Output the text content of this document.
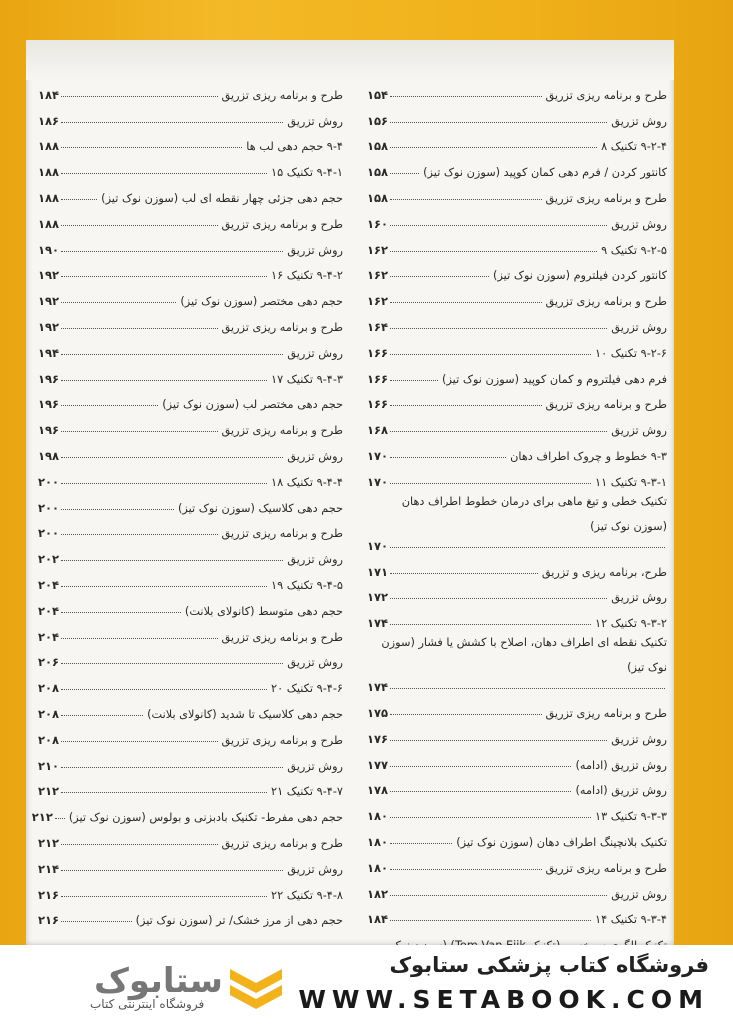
طرح و برنامه ریزی تزریق
۱۵۴
روش تزریق
۱۵۶
۹-۲-۴ تکنیک ۸
۱۵۸
کانتور کردن / فرم دهی کمان کوپید (سوزن نوک تیز)
۱۵۸
طرح و برنامه ریزی تزریق
۱۵۸
روش تزریق
۱۶۰
۹-۲-۵ تکنیک ۹
۱۶۲
کانتور کردن فیلتروم (سوزن نوک تیز)
۱۶۲
طرح و برنامه ریزی تزریق
۱۶۲
روش تزریق
۱۶۴
۹-۲-۶ تکنیک ۱۰
۱۶۶
فرم دهی فیلتروم و کمان کوپید (سوزن نوک تیز)
۱۶۶
طرح و برنامه ریزی تزریق
۱۶۶
روش تزریق
۱۶۸
۹-۳ خطوط و چروک اطراف دهان
۱۷۰
۹-۳-۱ تکنیک ۱۱
۱۷۰
تکنیک خطی و تیغ ماهی برای درمان خطوط اطراف دهان (سوزن نوک تیز)
۱۷۰
طرح، برنامه ریزی و تزریق
۱۷۱
روش تزریق
۱۷۲
۹-۳-۲ تکنیک ۱۲
۱۷۴
تکنیک نقطه ای اطراف دهان، اصلاح با کشش یا فشار (سوزن نوک تیز)
۱۷۴
طرح و برنامه ریزی تزریق
۱۷۵
روش تزریق
۱۷۶
روش تزریق (ادامه)
۱۷۷
روش تزریق (ادامه)
۱۷۸
۹-۳-۳ تکنیک ۱۳
۱۸۰
تکنیک بلانچینگ اطراف دهان (سوزن نوک تیز)
۱۸۰
طرح و برنامه ریزی تزریق
۱۸۰
روش تزریق
۱۸۲
۹-۳-۴ تکنیک ۱۴
۱۸۴
طرح و برنامه ریزی تزریق
۱۸۴
روش تزریق
۱۸۶
۹-۴ حجم دهی لب ها
۱۸۸
۹-۴-۱ تکنیک ۱۵
۱۸۸
حجم دهی جزئی چهار نقطه ای لب (سوزن نوک تیز)
۱۸۸
طرح و برنامه ریزی تزریق
۱۸۸
روش تزریق
۱۹۰
۹-۴-۲ تکنیک ۱۶
۱۹۲
حجم دهی مختصر (سوزن نوک تیز)
۱۹۲
طرح و برنامه ریزی تزریق
۱۹۲
روش تزریق
۱۹۴
۹-۴-۳ تکنیک ۱۷
۱۹۶
حجم دهی مختصر لب (سوزن نوک تیز)
۱۹۶
طرح و برنامه ریزی تزریق
۱۹۶
روش تزریق
۱۹۸
۹-۴-۴ تکنیک ۱۸
۲۰۰
حجم دهی کلاسیک (سوزن نوک تیز)
۲۰۰
طرح و برنامه ریزی تزریق
۲۰۰
روش تزریق
۲۰۲
۹-۴-۵ تکنیک ۱۹
۲۰۴
حجم دهی متوسط (کانولای بلانت)
۲۰۴
طرح و برنامه ریزی تزریق
۲۰۴
روش تزریق
۲۰۶
۹-۴-۶ تکنیک ۲۰
۲۰۸
حجم دهی کلاسیک تا شدید (کانولای بلانت)
۲۰۸
طرح و برنامه ریزی تزریق
۲۰۸
روش تزریق
۲۱۰
۹-۴-۷ تکنیک ۲۱
۲۱۲
حجم دهی مفرط- تکنیک بادبزنی و بولوس (سوزن نوک تیز)
۲۱۲
طرح و برنامه ریزی تزریق
۲۱۲
روش تزریق
۲۱۴
۹-۴-۸ تکنیک ۲۲
۲۱۶
حجم دهی از مرز خشک/ تر (سوزن نوک تیز)
۲۱۶
فروشگاه کتاب پزشکی ستابوک
WWW.SETABOOK.COM
ستابوک
فروشگاه اینترنتی کتاب
